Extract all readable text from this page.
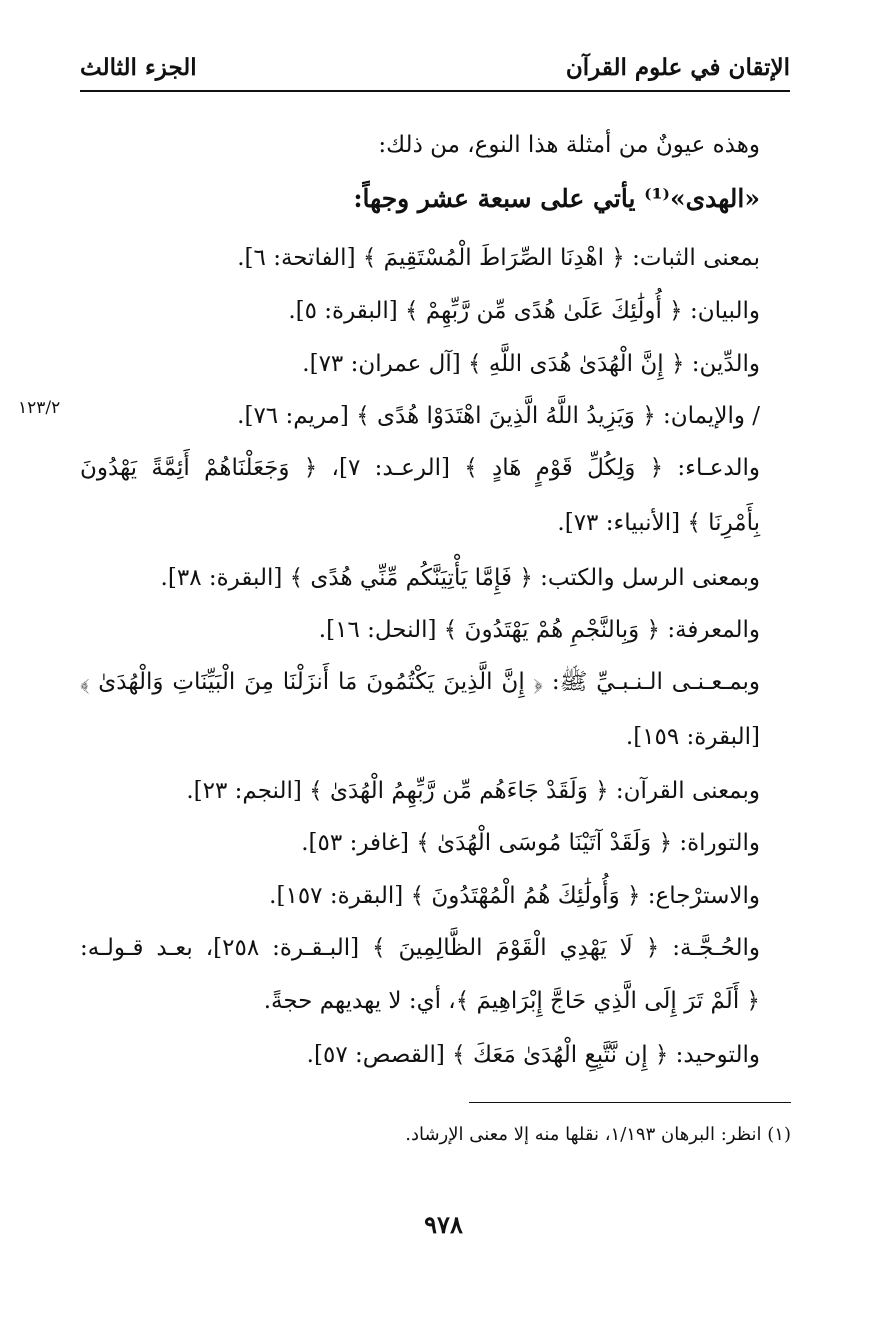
الإتقان في علوم القرآن
الجزء الثالث
١٢٣/٢
وهذه عيونٌ من أمثلة هذا النوع، من ذلك:
«الهدى»⁽¹⁾ يأتي على سبعة عشر وجهاً:
بمعنى الثبات: ﴿ اهْدِنَا الصِّرَاطَ الْمُسْتَقِيمَ ﴾ [الفاتحة: ٦].
والبيان: ﴿ أُولَٰئِكَ عَلَىٰ هُدًى مِّن رَّبِّهِمْ ﴾ [البقرة: ٥].
والدِّين: ﴿ إِنَّ الْهُدَىٰ هُدَى اللَّهِ ﴾ [آل عمران: ٧٣].
/ والإيمان: ﴿ وَيَزِيدُ اللَّهُ الَّذِينَ اهْتَدَوْا هُدًى ﴾ [مريم: ٧٦].
والدعـاء: ﴿ وَلِكُلِّ قَوْمٍ هَادٍ ﴾ [الرعـد: ٧]، ﴿ وَجَعَلْنَاهُمْ أَئِمَّةً يَهْدُونَ
بِأَمْرِنَا ﴾ [الأنبياء: ٧٣].
وبمعنى الرسل والكتب: ﴿ فَإِمَّا يَأْتِيَنَّكُم مِّنِّي هُدًى ﴾ [البقرة: ٣٨].
والمعرفة: ﴿ وَبِالنَّجْمِ هُمْ يَهْتَدُونَ ﴾ [النحل: ١٦].
وبمـعـنـى الـنـبـيِّ ﷺ: ﴿ إِنَّ الَّذِينَ يَكْتُمُونَ مَا أَنزَلْنَا مِنَ الْبَيِّنَاتِ وَالْهُدَىٰ ﴾
[البقرة: ١٥٩].
وبمعنى القرآن: ﴿ وَلَقَدْ جَاءَهُم مِّن رَّبِّهِمُ الْهُدَىٰ ﴾ [النجم: ٢٣].
والتوراة: ﴿ وَلَقَدْ آتَيْنَا مُوسَى الْهُدَىٰ ﴾ [غافر: ٥٣].
والاسترْجاع: ﴿ وَأُولَٰئِكَ هُمُ الْمُهْتَدُونَ ﴾ [البقرة: ١٥٧].
والحُـجَّـة: ﴿ لَا يَهْدِي الْقَوْمَ الظَّالِمِينَ ﴾ [البـقـرة: ٢٥٨]، بعـد قـولـه:
﴿ أَلَمْ تَرَ إِلَى الَّذِي حَاجَّ إِبْرَاهِيمَ ﴾، أي: لا يهديهم حجةً.
والتوحيد: ﴿ إِن نَّتَّبِعِ الْهُدَىٰ مَعَكَ ﴾ [القصص: ٥٧].
(١) انظر: البرهان ١/١٩٣، نقلها منه إلا معنى الإرشاد.
٩٧٨
